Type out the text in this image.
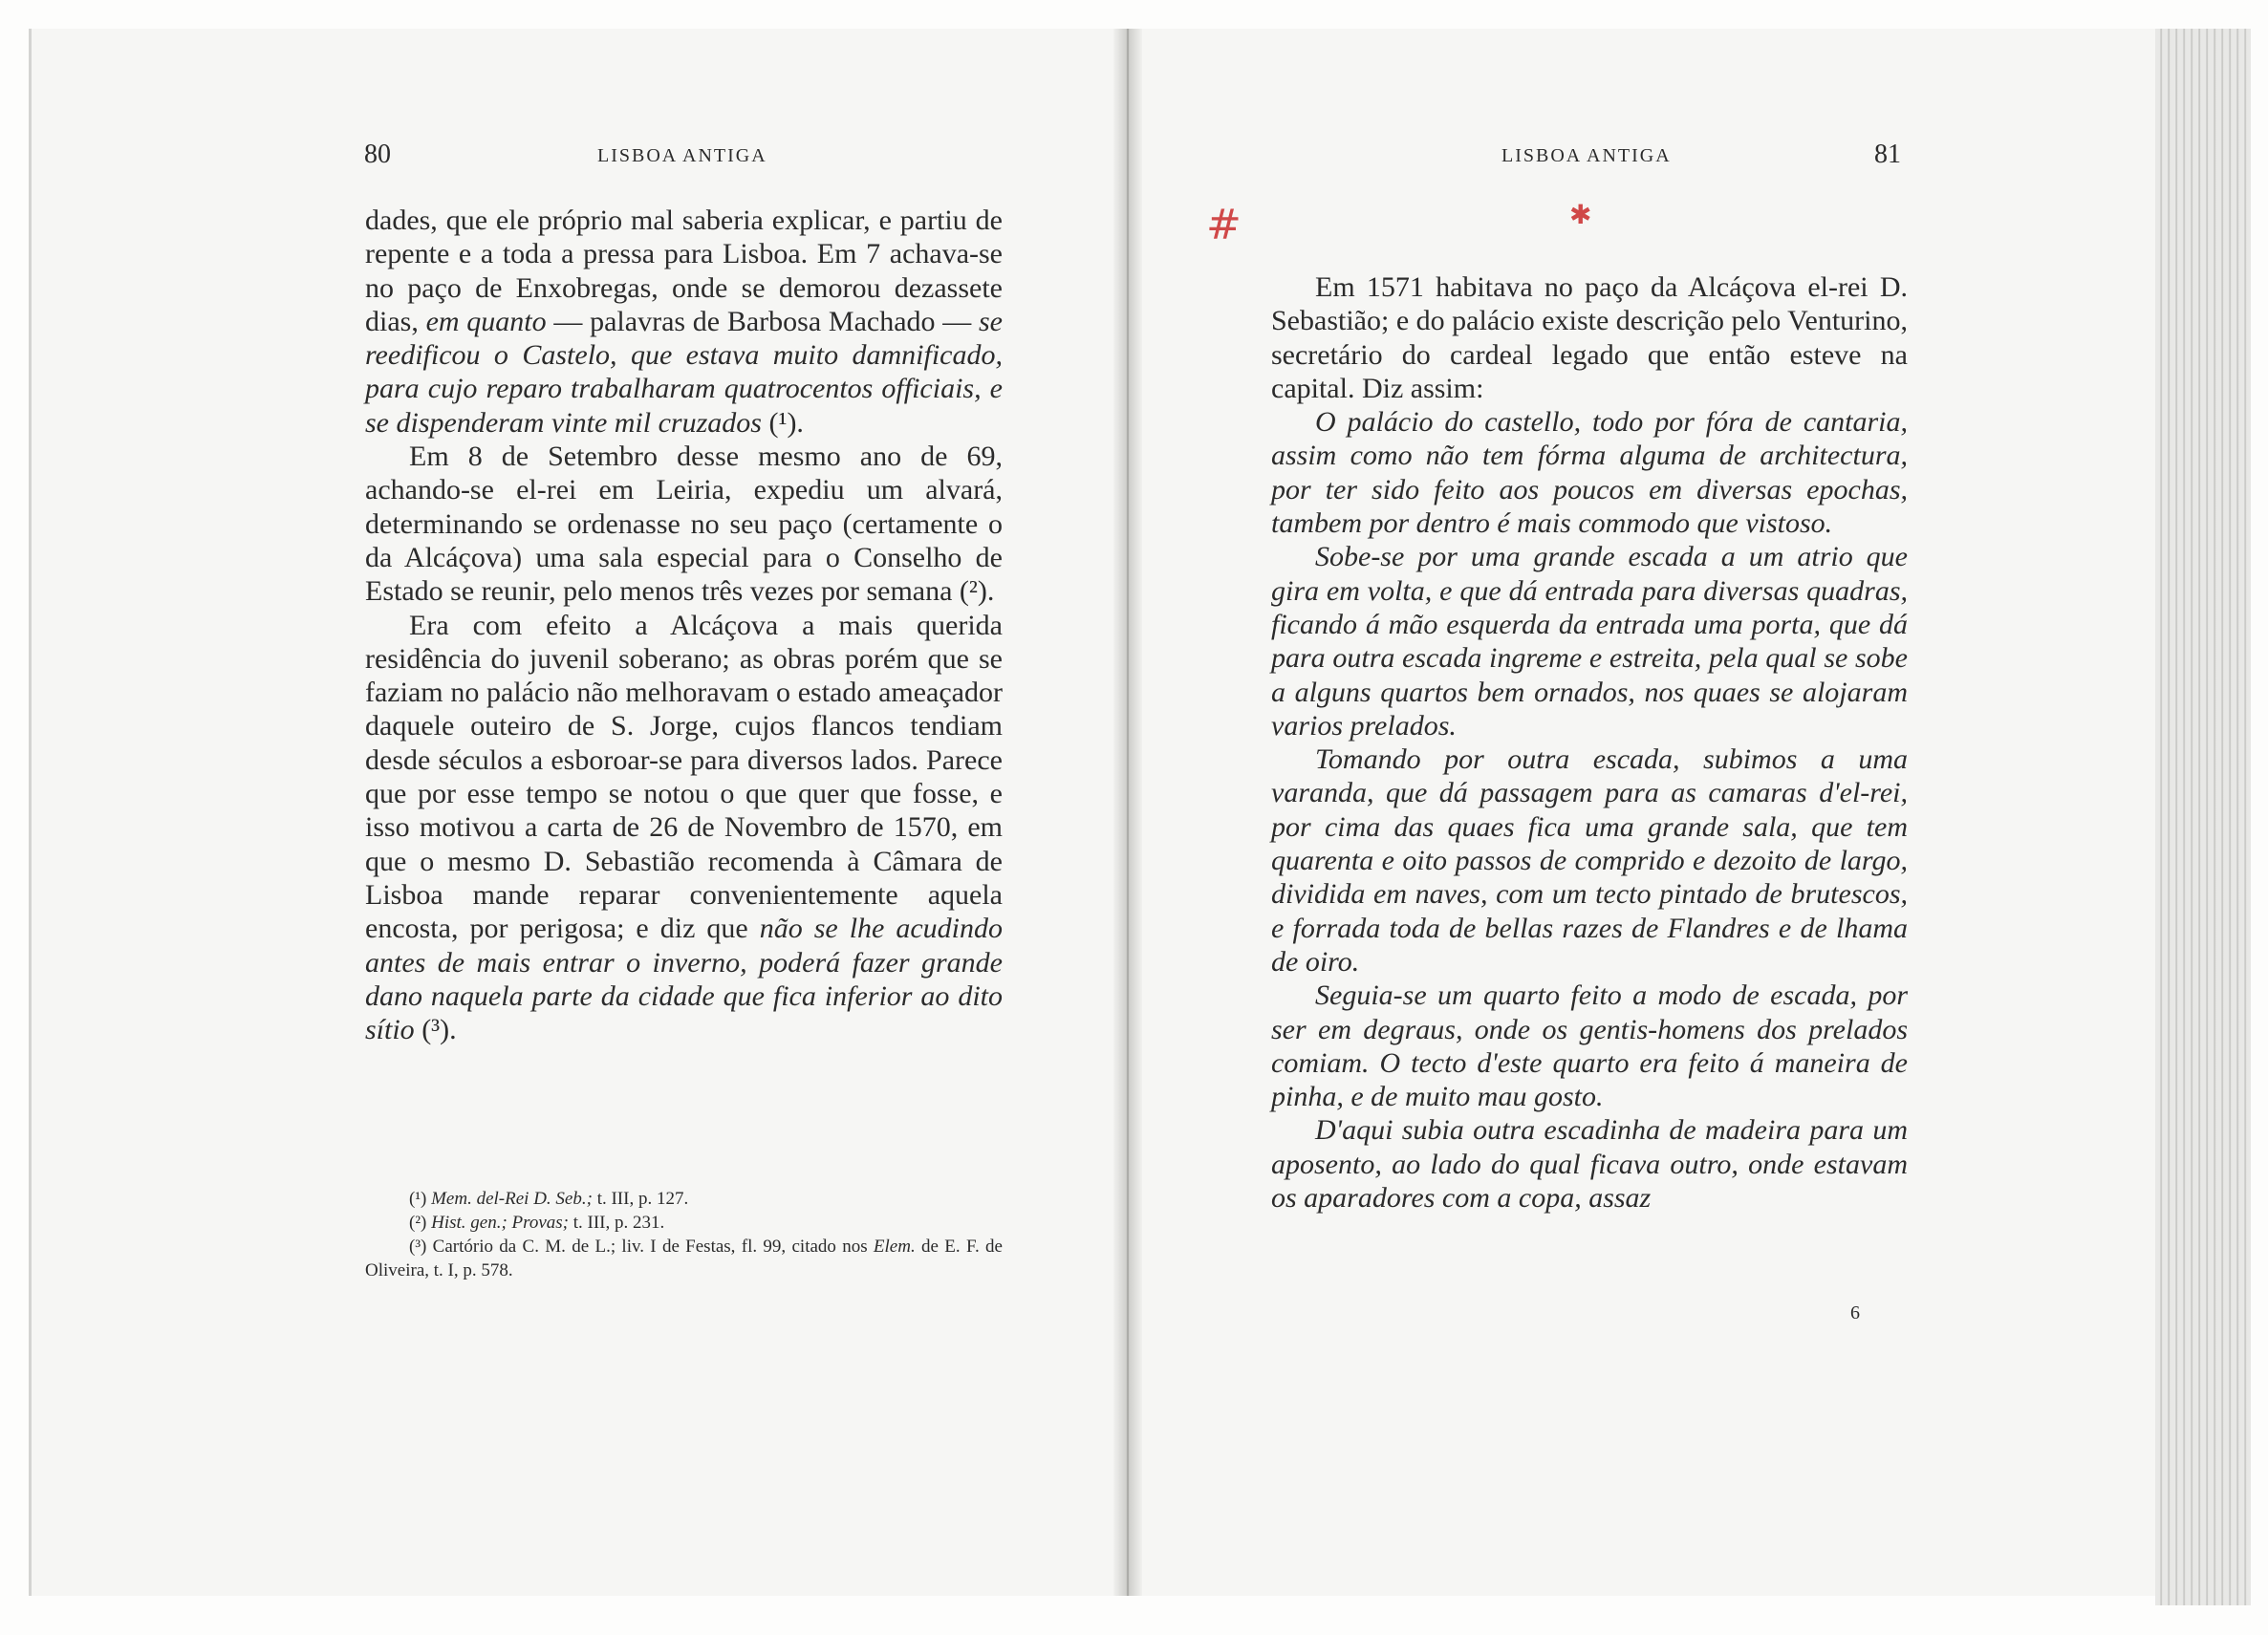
80	LISBOA ANTIGA

dades, que ele próprio mal saberia explicar, e partiu de repente e a toda a pressa para Lisboa. Em 7 achava-se no paço de Enxobregas, onde se demorou dezassete dias, em quanto — palavras de Barbosa Machado — se reedificou o Castelo, que estava muito damnificado, para cujo reparo trabalharam quatrocentos officiais, e se dispenderam vinte mil cruzados (¹).

Em 8 de Setembro desse mesmo ano de 69, achando-se el-rei em Leiria, expediu um alvará, determinando se ordenasse no seu paço (certamente o da Alcáçova) uma sala especial para o Conselho de Estado se reunir, pelo menos três vezes por semana (²).

Era com efeito a Alcáçova a mais querida residência do juvenil soberano; as obras porém que se faziam no palácio não melhoravam o estado ameaçador daquele outeiro de S. Jorge, cujos flancos tendiam desde séculos a esboroar-se para diversos lados. Parece que por esse tempo se notou o que quer que fosse, e isso motivou a carta de 26 de Novembro de 1570, em que o mesmo D. Sebastião recomenda à Câmara de Lisboa mande reparar convenientemente aquela encosta, por perigosa; e diz que não se lhe acudindo antes de mais entrar o inverno, poderá fazer grande dano naquela parte da cidade que fica inferior ao dito sítio (³).

(¹) Mem. del-Rei D. Seb.; t. III, p. 127.

(²) Hist. gen.; Provas; t. III, p. 231.

(³) Cartório da C. M. de L.; liv. I de Festas, fl. 99, citado nos Elem. de E. F. de Oliveira, t. I, p. 578.

LISBOA ANTIGA	81
#	✱

Em 1571 habitava no paço da Alcáçova el-rei D. Sebastião; e do palácio existe descrição pelo Venturino, secretário do cardeal legado que então esteve na capital. Diz assim:

O palácio do castello, todo por fóra de cantaria, assim como não tem fórma alguma de architectura, por ter sido feito aos poucos em diversas epochas, tambem por dentro é mais commodo que vistoso.

Sobe-se por uma grande escada a um atrio que gira em volta, e que dá entrada para diversas quadras, ficando á mão esquerda da entrada uma porta, que dá para outra escada ingreme e estreita, pela qual se sobe a alguns quartos bem ornados, nos quaes se alojaram varios prelados.

Tomando por outra escada, subimos a uma varanda, que dá passagem para as camaras d'el-rei, por cima das quaes fica uma grande sala, que tem quarenta e oito passos de comprido e dezoito de largo, dividida em naves, com um tecto pintado de brutescos, e forrada toda de bellas razes de Flandres e de lhama de oiro.

Seguia-se um quarto feito a modo de escada, por ser em degraus, onde os gentis-homens dos prelados comiam. O tecto d'este quarto era feito á maneira de pinha, e de muito mau gosto.

D'aqui subia outra escadinha de madeira para um aposento, ao lado do qual ficava outro, onde estavam os aparadores com a copa, assaz

6
